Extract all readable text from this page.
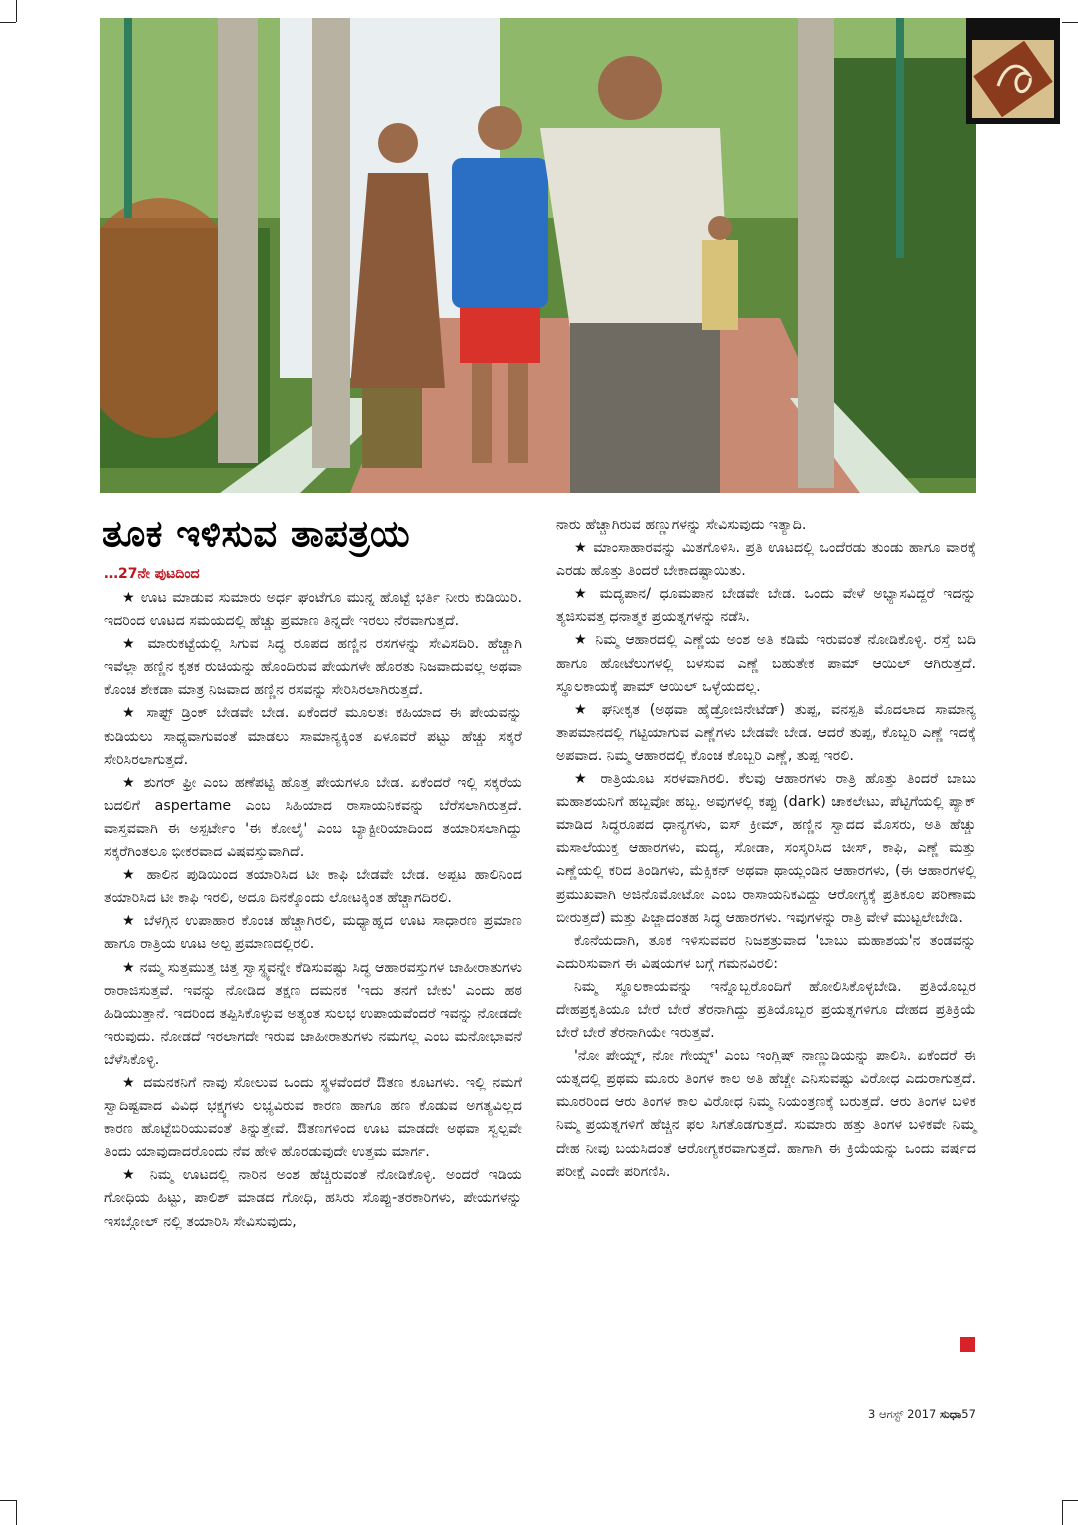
ತೂಕ ಇಳಿಸುವ ತಾಪತ್ರಯ
…27ನೇ ಪುಟದಿಂದ

★ ಊಟ ಮಾಡುವ ಸುಮಾರು ಅರ್ಧ ಘಂಟೆಗೂ ಮುನ್ನ ಹೊಟ್ಟೆ ಭರ್ತಿ ನೀರು ಕುಡಿಯಿರಿ. ಇದರಿಂದ ಊಟದ ಸಮಯದಲ್ಲಿ ಹೆಚ್ಚು ಪ್ರಮಾಣ ತಿನ್ನದೇ ಇರಲು ನೆರವಾಗುತ್ತದೆ.

★ ಮಾರುಕಟ್ಟೆಯಲ್ಲಿ ಸಿಗುವ ಸಿದ್ಧ ರೂಪದ ಹಣ್ಣಿನ ರಸಗಳನ್ನು ಸೇವಿಸದಿರಿ. ಹೆಚ್ಚಾಗಿ ಇವೆಲ್ಲಾ ಹಣ್ಣಿನ ಕೃತಕ ರುಚಿಯನ್ನು ಹೊಂದಿರುವ ಪೇಯಗಳೇ ಹೊರತು ನಿಜವಾದುವಲ್ಲ ಅಥವಾ ಕೊಂಚ ಶೇಕಡಾ ಮಾತ್ರ ನಿಜವಾದ ಹಣ್ಣಿನ ರಸವನ್ನು ಸೇರಿಸಿರಲಾಗಿರುತ್ತದೆ.

★ ಸಾಫ್ಟ್ ಡ್ರಿಂಕ್ ಬೇಡವೇ ಬೇಡ. ಏಕೆಂದರೆ ಮೂಲತಃ ಕಹಿಯಾದ ಈ ಪೇಯವನ್ನು ಕುಡಿಯಲು ಸಾಧ್ಯವಾಗುವಂತೆ ಮಾಡಲು ಸಾಮಾನ್ಯಕ್ಕಿಂತ ಏಳೂವರೆ ಪಟ್ಟು ಹೆಚ್ಚು ಸಕ್ಕರೆ ಸೇರಿಸಿರಲಾಗುತ್ತದೆ.

★ ಶುಗರ್ ಫ್ರೀ ಎಂಬ ಹಣೆಪಟ್ಟಿ ಹೊತ್ತ ಪೇಯಗಳೂ ಬೇಡ. ಏಕೆಂದರೆ ಇಲ್ಲಿ ಸಕ್ಕರೆಯ ಬದಲಿಗೆ aspertame ಎಂಬ ಸಿಹಿಯಾದ ರಾಸಾಯನಿಕವನ್ನು ಬೆರೆಸಲಾಗಿರುತ್ತದೆ. ವಾಸ್ತವವಾಗಿ ಈ ಅಸ್ಪರ್ಟೇಂ 'ಈ ಕೋಲೈ' ಎಂಬ ಬ್ಯಾಕ್ಟೀರಿಯಾದಿಂದ ತಯಾರಿಸಲಾಗಿದ್ದು ಸಕ್ಕರೆಗಿಂತಲೂ ಭೀಕರವಾದ ವಿಷವಸ್ತುವಾಗಿದೆ.

★ ಹಾಲಿನ ಪುಡಿಯಿಂದ ತಯಾರಿಸಿದ ಟೀ ಕಾಫಿ ಬೇಡವೇ ಬೇಡ. ಅಪ್ಪಟ ಹಾಲಿನಿಂದ ತಯಾರಿಸಿದ ಟೀ ಕಾಫಿ ಇರಲಿ, ಅದೂ ದಿನಕ್ಕೊಂದು ಲೋಟಕ್ಕಿಂತ ಹೆಚ್ಚಾಗದಿರಲಿ.

★ ಬೆಳಗ್ಗಿನ ಉಪಾಹಾರ ಕೊಂಚ ಹೆಚ್ಚಾಗಿರಲಿ, ಮಧ್ಯಾಹ್ನದ ಊಟ ಸಾಧಾರಣ ಪ್ರಮಾಣ ಹಾಗೂ ರಾತ್ರಿಯ ಊಟ ಅಲ್ಪ ಪ್ರಮಾಣದಲ್ಲಿರಲಿ.

★ ನಮ್ಮ ಸುತ್ತಮುತ್ತ ಚಿತ್ತ ಸ್ವಾಸ್ಥ್ಯವನ್ನೇ ಕೆಡಿಸುವಷ್ಟು ಸಿದ್ಧ ಆಹಾರವಸ್ತುಗಳ ಜಾಹೀರಾತುಗಳು ರಾರಾಜಿಸುತ್ತವೆ. ಇವನ್ನು ನೋಡಿದ ತಕ್ಷಣ ದಮನಕ 'ಇದು ತನಗೆ ಬೇಕು' ಎಂದು ಹಠ ಹಿಡಿಯುತ್ತಾನೆ. ಇದರಿಂದ ತಪ್ಪಿಸಿಕೊಳ್ಳುವ ಅತ್ಯಂತ ಸುಲಭ ಉಪಾಯವೆಂದರೆ ಇವನ್ನು ನೋಡದೇ ಇರುವುದು. ನೋಡದೆ ಇರಲಾಗದೇ ಇರುವ ಜಾಹೀರಾತುಗಳು ನಮಗಲ್ಲ ಎಂಬ ಮನೋಭಾವನೆ ಬೆಳೆಸಿಕೊಳ್ಳಿ.

★ ದಮನಕನಿಗೆ ನಾವು ಸೋಲುವ ಒಂದು ಸ್ಥಳವೆಂದರೆ ಔತಣ ಕೂಟಗಳು. ಇಲ್ಲಿ ನಮಗೆ ಸ್ವಾದಿಷ್ಟವಾದ ವಿವಿಧ ಭಕ್ಷ್ಯಗಳು ಲಭ್ಯವಿರುವ ಕಾರಣ ಹಾಗೂ ಹಣ ಕೊಡುವ ಅಗತ್ಯವಿಲ್ಲದ ಕಾರಣ ಹೊಟ್ಟೆಬಿರಿಯುವಂತೆ ತಿನ್ನುತ್ತೇವೆ. ಔತಣಗಳಿಂದ ಊಟ ಮಾಡದೇ ಅಥವಾ ಸ್ವಲ್ಪವೇ ತಿಂದು ಯಾವುದಾದರೊಂದು ನೆವ ಹೇಳಿ ಹೊರಡುವುದೇ ಉತ್ತಮ ಮಾರ್ಗ.

★ ನಿಮ್ಮ ಊಟದಲ್ಲಿ ನಾರಿನ ಅಂಶ ಹೆಚ್ಚಿರುವಂತೆ ನೋಡಿಕೊಳ್ಳಿ. ಅಂದರೆ ಇಡಿಯ ಗೋಧಿಯ ಹಿಟ್ಟು, ಪಾಲಿಶ್ ಮಾಡದ ಗೋಧಿ, ಹಸಿರು ಸೊಪ್ಪು-ತರಕಾರಿಗಳು, ಪೇಯಗಳನ್ನು ಇಸಬ್ಗೋಲ್ ನಲ್ಲಿ ತಯಾರಿಸಿ ಸೇವಿಸುವುದು,

ನಾರು ಹೆಚ್ಚಾಗಿರುವ ಹಣ್ಣುಗಳನ್ನು ಸೇವಿಸುವುದು ಇತ್ಯಾದಿ.

★ ಮಾಂಸಾಹಾರವನ್ನು ಮಿತಗೊಳಿಸಿ. ಪ್ರತಿ ಊಟದಲ್ಲಿ ಒಂದೆರಡು ತುಂಡು ಹಾಗೂ ವಾರಕ್ಕೆ ಎರಡು ಹೊತ್ತು ತಿಂದರೆ ಬೇಕಾದಷ್ಟಾಯಿತು.

★ ಮದ್ಯಪಾನ/ ಧೂಮಪಾನ ಬೇಡವೇ ಬೇಡ. ಒಂದು ವೇಳೆ ಅಭ್ಯಾಸವಿದ್ದರೆ ಇದನ್ನು ತ್ಯಜಿಸುವತ್ತ ಧನಾತ್ಮಕ ಪ್ರಯತ್ನಗಳನ್ನು ನಡೆಸಿ.

★ ನಿಮ್ಮ ಆಹಾರದಲ್ಲಿ ಎಣ್ಣೆಯ ಅಂಶ ಅತಿ ಕಡಿಮೆ ಇರುವಂತೆ ನೋಡಿಕೊಳ್ಳಿ. ರಸ್ತೆ ಬದಿ ಹಾಗೂ ಹೋಟೆಲುಗಳಲ್ಲಿ ಬಳಸುವ ಎಣ್ಣೆ ಬಹುತೇಕ ಪಾಮ್ ಆಯಿಲ್ ಆಗಿರುತ್ತದೆ. ಸ್ಥೂಲಕಾಯಕ್ಕೆ ಪಾಮ್ ಆಯಿಲ್ ಒಳ್ಳೆಯದಲ್ಲ.

★ ಘನೀಕೃತ (ಅಥವಾ ಹೈಡ್ರೋಜಿನೇಟೆಡ್) ತುಪ್ಪ, ವನಸ್ಪತಿ ಮೊದಲಾದ ಸಾಮಾನ್ಯ ತಾಪಮಾನದಲ್ಲಿ ಗಟ್ಟಿಯಾಗುವ ಎಣ್ಣೆಗಳು ಬೇಡವೇ ಬೇಡ. ಆದರೆ ತುಪ್ಪ, ಕೊಬ್ಬರಿ ಎಣ್ಣೆ ಇದಕ್ಕೆ ಅಪವಾದ. ನಿಮ್ಮ ಆಹಾರದಲ್ಲಿ ಕೊಂಚ ಕೊಬ್ಬರಿ ಎಣ್ಣೆ, ತುಪ್ಪ ಇರಲಿ.

★ ರಾತ್ರಿಯೂಟ ಸರಳವಾಗಿರಲಿ. ಕೆಲವು ಆಹಾರಗಳು ರಾತ್ರಿ ಹೊತ್ತು ತಿಂದರೆ ಬಾಬು ಮಹಾಶಯನಿಗೆ ಹಬ್ಬವೋ ಹಬ್ಬ. ಅವುಗಳಲ್ಲಿ ಕಪ್ಪು (dark) ಚಾಕಲೇಟು, ಪೆಟ್ಟಿಗೆಯಲ್ಲಿ ಪ್ಯಾಕ್ ಮಾಡಿದ ಸಿದ್ಧರೂಪದ ಧಾನ್ಯಗಳು, ಐಸ್ ಕ್ರೀಮ್, ಹಣ್ಣಿನ ಸ್ವಾದದ ಮೊಸರು, ಅತಿ ಹೆಚ್ಚು ಮಸಾಲೆಯುಕ್ತ ಆಹಾರಗಳು, ಮದ್ಯ, ಸೋಡಾ, ಸಂಸ್ಕರಿಸಿದ ಚೀಸ್, ಕಾಫಿ, ಎಣ್ಣೆ ಮತ್ತು ಎಣ್ಣೆಯಲ್ಲಿ ಕರಿದ ತಿಂಡಿಗಳು, ಮೆಕ್ಸಿಕನ್ ಅಥವಾ ಥಾಯ್ಲಂಡಿನ ಆಹಾರಗಳು, (ಈ ಆಹಾರಗಳಲ್ಲಿ ಪ್ರಮುಖವಾಗಿ ಅಜಿನೊಮೋಟೋ ಎಂಬ ರಾಸಾಯನಿಕವಿದ್ದು ಆರೋಗ್ಯಕ್ಕೆ ಪ್ರತಿಕೂಲ ಪರಿಣಾಮ ಬೀರುತ್ತದೆ) ಮತ್ತು ಪಿಜ್ಜಾದಂತಹ ಸಿದ್ಧ ಆಹಾರಗಳು. ಇವುಗಳನ್ನು ರಾತ್ರಿ ವೇಳೆ ಮುಟ್ಟಲೇಬೇಡಿ.

ಕೊನೆಯದಾಗಿ, ತೂಕ ಇಳಿಸುವವರ ನಿಜಶತ್ರುವಾದ 'ಬಾಬು ಮಹಾಶಯ'ನ ತಂಡವನ್ನು ಎದುರಿಸುವಾಗ ಈ ವಿಷಯಗಳ ಬಗ್ಗೆ ಗಮನವಿರಲಿ:

ನಿಮ್ಮ ಸ್ಥೂಲಕಾಯವನ್ನು ಇನ್ನೊಬ್ಬರೊಂದಿಗೆ ಹೋಲಿಸಿಕೊಳ್ಳಬೇಡಿ. ಪ್ರತಿಯೊಬ್ಬರ ದೇಹಪ್ರಕೃತಿಯೂ ಬೇರೆ ಬೇರೆ ತೆರನಾಗಿದ್ದು ಪ್ರತಿಯೊಬ್ಬರ ಪ್ರಯತ್ನಗಳಿಗೂ ದೇಹದ ಪ್ರತಿಕ್ರಿಯೆ ಬೇರೆ ಬೇರೆ ತೆರನಾಗಿಯೇ ಇರುತ್ತವೆ.

'ನೋ ಪೇಯ್ನ್, ನೋ ಗೇಯ್ನ್' ಎಂಬ ಇಂಗ್ಲಿಷ್ ನಾಣ್ಣುಡಿಯನ್ನು ಪಾಲಿಸಿ. ಏಕೆಂದರೆ ಈ ಯತ್ನದಲ್ಲಿ ಪ್ರಥಮ ಮೂರು ತಿಂಗಳ ಕಾಲ ಅತಿ ಹೆಚ್ಚೇ ಎನಿಸುವಷ್ಟು ವಿರೋಧ ಎದುರಾಗುತ್ತದೆ. ಮೂರರಿಂದ ಆರು ತಿಂಗಳ ಕಾಲ ವಿರೋಧ ನಿಮ್ಮ ನಿಯಂತ್ರಣಕ್ಕೆ ಬರುತ್ತದೆ. ಆರು ತಿಂಗಳ ಬಳಿಕ ನಿಮ್ಮ ಪ್ರಯತ್ನಗಳಿಗೆ ಹೆಚ್ಚಿನ ಫಲ ಸಿಗತೊಡಗುತ್ತದೆ. ಸುಮಾರು ಹತ್ತು ತಿಂಗಳ ಬಳಿಕವೇ ನಿಮ್ಮ ದೇಹ ನೀವು ಬಯಸಿದಂತೆ ಆರೋಗ್ಯಕರವಾಗುತ್ತದೆ. ಹಾಗಾಗಿ ಈ ಕ್ರಿಯೆಯನ್ನು ಒಂದು ವರ್ಷದ ಪರೀಕ್ಷೆ ಎಂದೇ ಪರಿಗಣಿಸಿ.

3 ಆಗಸ್ಟ್ 2017 ಸುಧಾ57
